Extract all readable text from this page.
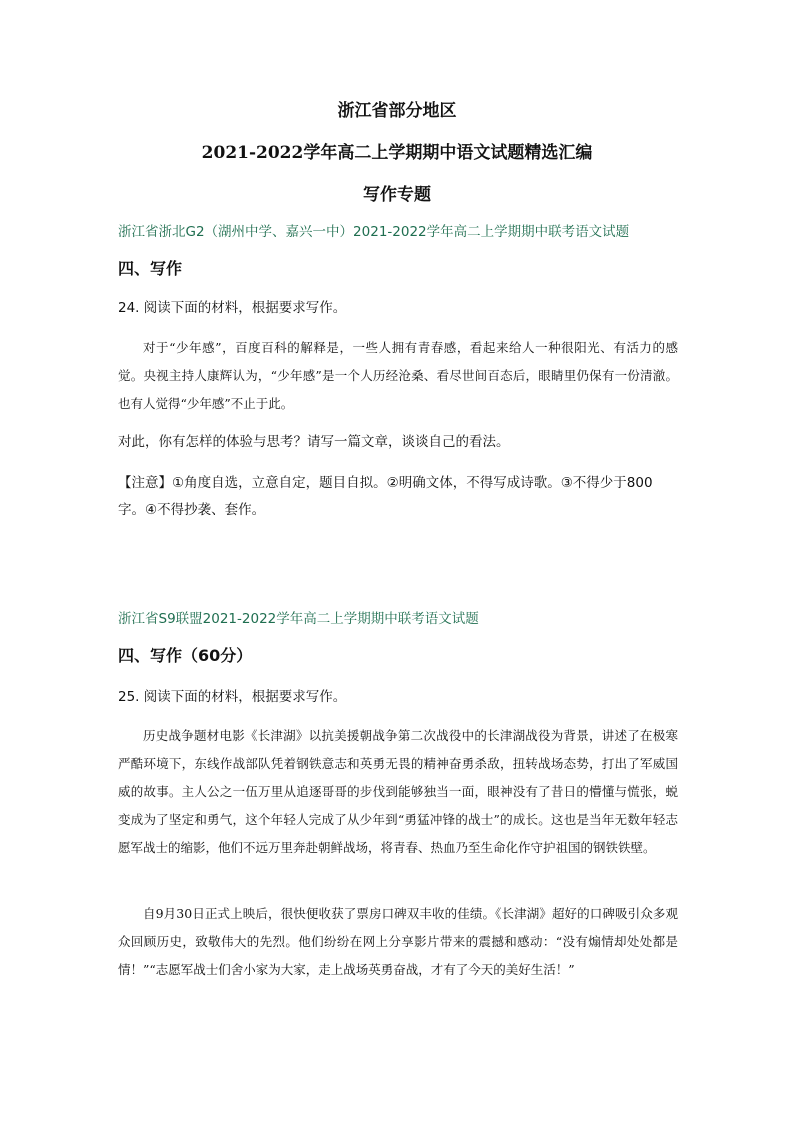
浙江省部分地区
2021-2022学年高二上学期期中语文试题精选汇编
写作专题
浙江省浙北G2（湖州中学、嘉兴一中）2021-2022学年高二上学期期中联考语文试题
四、写作
24. 阅读下面的材料，根据要求写作。
对于“少年感”，百度百科的解释是，一些人拥有青春感，看起来给人一种很阳光、有活力的感觉。央视主持人康辉认为，“少年感”是一个人历经沧桑、看尽世间百态后，眼睛里仍保有一份清澈。也有人觉得“少年感”不止于此。
对此，你有怎样的体验与思考？请写一篇文章，谈谈自己的看法。
【注意】①角度自选，立意自定，题目自拟。②明确文体，不得写成诗歌。③不得少于800字。④不得抄袭、套作。
浙江省S9联盟2021-2022学年高二上学期期中联考语文试题
四、写作（60分）
25. 阅读下面的材料，根据要求写作。
历史战争题材电影《长津湖》以抗美援朝战争第二次战役中的长津湖战役为背景，讲述了在极寒严酷环境下，东线作战部队凭着钢铁意志和英勇无畏的精神奋勇杀敌，扭转战场态势，打出了军威国威的故事。主人公之一伍万里从追逐哥哥的步伐到能够独当一面，眼神没有了昔日的懵懂与慌张，蜕变成为了坚定和勇气，这个年轻人完成了从少年到“勇猛冲锋的战士”的成长。这也是当年无数年轻志愿军战士的缩影，他们不远万里奔赴朝鲜战场，将青春、热血乃至生命化作守护祖国的钢铁铁壁。
自9月30日正式上映后，很快便收获了票房口碑双丰收的佳绩。《长津湖》超好的口碑吸引众多观众回顾历史，致敬伟大的先烈。他们纷纷在网上分享影片带来的震撼和感动：“没有煽情却处处都是情！”“志愿军战士们舍小家为大家，走上战场英勇奋战，才有了今天的美好生活！”
